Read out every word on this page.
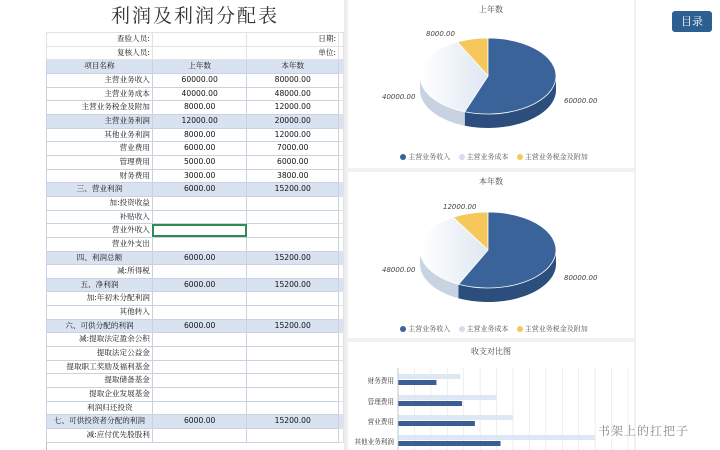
利润及利润分配表
查验人员:		日期:	
复核人员:		单位:	
项目名称	上年数	本年数	
主营业务收入	60000.00	80000.00	
主营业务成本	40000.00	48000.00	
主营业务税金及附加	8000.00	12000.00	
主营业务利润	12000.00	20000.00	
其他业务利润	8000.00	12000.00	
营业费用	6000.00	7000.00	
管理费用	5000.00	6000.00	
财务费用	3000.00	3800.00	
三、营业利润	6000.00	15200.00	
加:投资收益			
补贴收入			
营业外收入			
营业外支出			
四、利润总额	6000.00	15200.00	
减:所得税			
五、净利润	6000.00	15200.00	
加:年初未分配利润			
其他转入			
六、可供分配的利润	6000.00	15200.00	
减:提取法定盈余公积			
提取法定公益金			
提取职工奖励及福利基金			
提取储备基金			
提取企业发展基金			
利润归还投资			
七、可供投资者分配的利润	6000.00	15200.00	
减:应付优先股股利			
上年数
8000.00
40000.00	60000.00
主营业务收入 主营业务成本 主营业务税金及附加
本年数
12000.00
48000.00
80000.00
主营业务收入 主营业务成本 主营业务税金及附加
收支对比图
财务费用
管理费用
营业费用
其他业务利润
目录
书架上的扛把子
